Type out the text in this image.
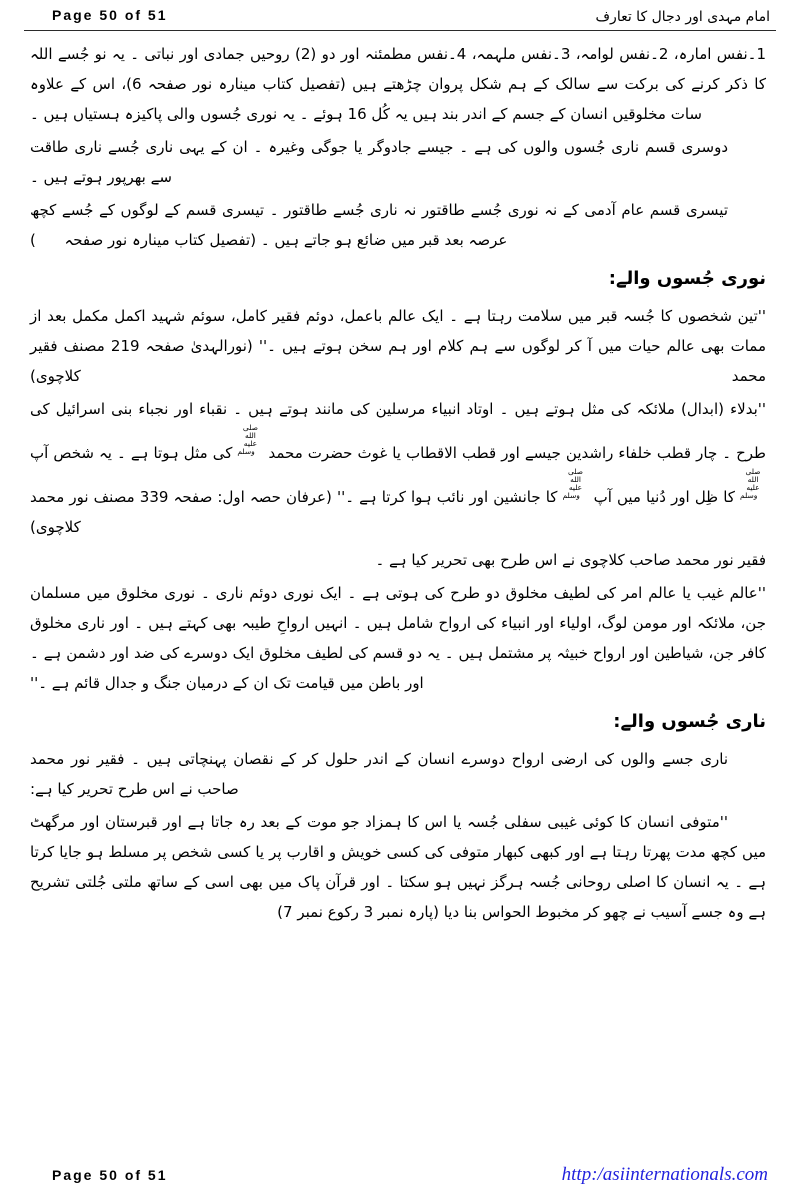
Page 50 of 51	امام مہدی اور دجال کا تعارف

1۔نفس امارہ، 2۔نفس لوامہ، 3۔نفس ملہمہ، 4۔نفس مطمئنہ اور دو (2) روحیں جمادی اور نباتی ۔ یہ نو جُسے اللہ کا ذکر کرنے کی برکت سے سالک کے ہم شکل پروان چڑھتے ہیں (تفصیل کتاب مینارہ نور صفحہ 6)، اس کے علاوہ سات مخلوقیں انسان کے جسم کے اندر بند ہیں یہ کُل 16 ہوئے ۔ یہ نوری جُسوں والی پاکیزہ ہستیاں ہیں ۔

دوسری قسم ناری جُسوں والوں کی ہے ۔ جیسے جادوگر یا جوگی وغیرہ ۔ ان کے یہی ناری جُسے ناری طاقت سے بھرپور ہوتے ہیں ۔

تیسری قسم عام آدمی کے نہ نوری جُسے طاقتور نہ ناری جُسے طاقتور ۔ تیسری قسم کے لوگوں کے جُسے کچھ عرصہ بعد قبر میں ضائع ہو جاتے ہیں ۔ (تفصیل کتاب مینارہ نور صفحہ      )

نوری جُسوں والے:

''تین شخصوں کا جُسہ قبر میں سلامت رہتا ہے ۔ ایک عالم باعمل، دوئم فقیر کامل، سوئم شہید اکمل مکمل بعد از ممات بھی عالم حیات میں آ کر لوگوں سے ہم کلام اور ہم سخن ہوتے ہیں ۔'' (نورالہدیٰ صفحہ 219 مصنف فقیر محمد کلاچوی)

''بدلاء (ابدال) ملائکہ کی مثل ہوتے ہیں ۔ اوتاد انبیاء مرسلین کی مانند ہوتے ہیں ۔ نقباء اور نجباء بنی اسرائیل کی طرح ۔ چار قطب خلفاء راشدین جیسے اور قطب الاقطاب یا غوث حضرت محمد صلى الله عليه وسلم کی مثل ہوتا ہے ۔ یہ شخص آپ صلى الله عليه وسلم کا ظِل اور دُنیا میں آپ صلى الله عليه وسلم کا جانشین اور نائب ہوا کرتا ہے ۔'' (عرفان حصہ اول: صفحہ 339 مصنف نور محمد کلاچوی)

فقیر نور محمد صاحب کلاچوی نے اس طرح بھی تحریر کیا ہے ۔

''عالم غیب یا عالم امر کی لطیف مخلوق دو طرح کی ہوتی ہے ۔ ایک نوری دوئم ناری ۔ نوری مخلوق میں مسلمان جن، ملائکہ اور مومن لوگ، اولیاء اور انبیاء کی ارواح شامل ہیں ۔ انہیں ارواحِ طیبہ بھی کہتے ہیں ۔ اور ناری مخلوق کافر جن، شیاطین اور ارواح خبیثہ پر مشتمل ہیں ۔ یہ دو قسم کی لطیف مخلوق ایک دوسرے کی ضد اور دشمن ہے ۔ اور باطن میں قیامت تک ان کے درمیان جنگ و جدال قائم ہے ۔''

ناری جُسوں والے:

ناری جسے والوں کی ارضی ارواح دوسرے انسان کے اندر حلول کر کے نقصان پہنچاتی ہیں ۔ فقیر نور محمد صاحب نے اس طرح تحریر کیا ہے:

''متوفی انسان کا کوئی غیبی سفلی جُسہ یا اس کا ہمزاد جو موت کے بعد رہ جاتا ہے اور قبرستان اور مرگھٹ میں کچھ مدت پھرتا رہتا ہے اور کبھی کبھار متوفی کی کسی خویش و اقارب پر یا کسی شخص پر مسلط ہو جایا کرتا ہے ۔ یہ انسان کا اصلی روحانی جُسہ ہرگز نہیں ہو سکتا ۔ اور قرآن پاک میں بھی اسی کے ساتھ ملتی جُلتی تشریح ہے وہ جسے آسیب نے چھو کر مخبوط الحواس بنا دیا (پارہ نمبر 3 رکوع نمبر 7)

Page 50 of 51	http:/asiinternationals.com
